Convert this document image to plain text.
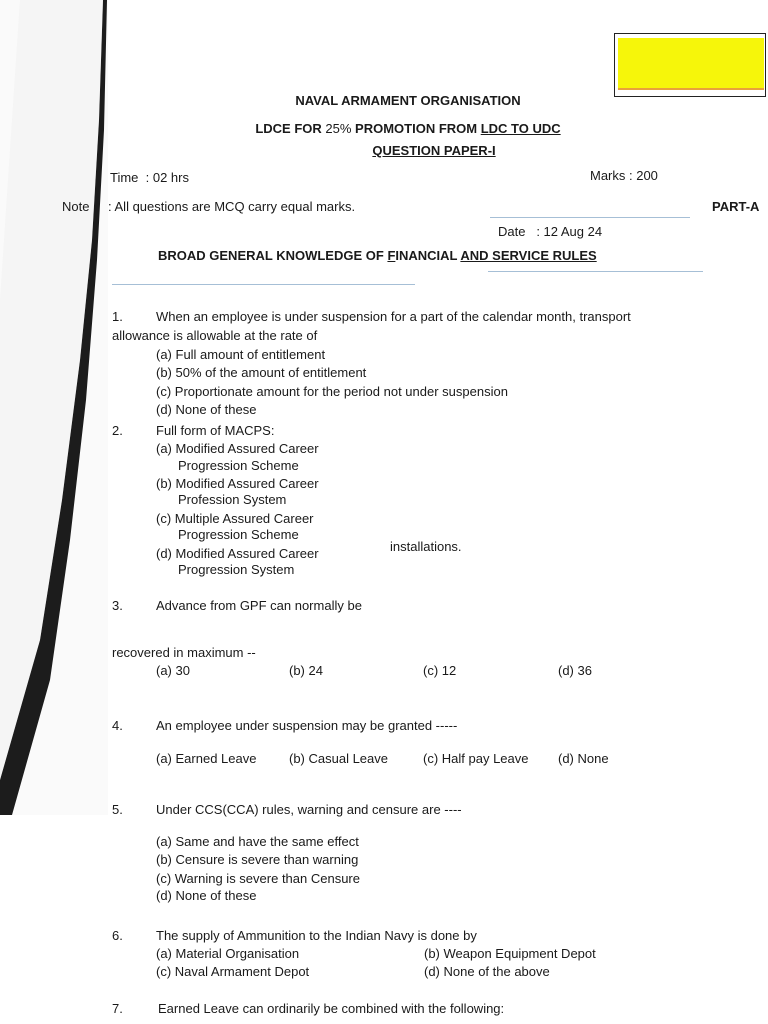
NAVAL ARMAMENT ORGANISATION
LDCE FOR 25% PROMOTION FROM LDC TO UDC
QUESTION PAPER-I
Time : 02 hrs	Marks : 200
Note : All questions are MCQ carry equal marks.	PART-A
Date : 12 Aug 24
BROAD GENERAL KNOWLEDGE OF FINANCIAL AND SERVICE RULES
1.	When an employee is under suspension for a part of the calendar month, transport
allowance is allowable at the rate of
(a) Full amount of entitlement
(b) 50% of the amount of entitlement
(c) Proportionate amount for the period not under suspension
(d) None of these
2.	Full form of MACPS:
(a) Modified Assured Career
Progression Scheme
(b) Modified Assured Career
Profession System
(c) Multiple Assured Career
Progression Scheme
(d) Modified Assured Career
Progression System
installations.
3.	Advance from GPF can normally be
recovered in maximum --
(a) 30	(b) 24	(c) 12	(d) 36
4.	An employee under suspension may be granted -----
(a) Earned Leave	(b) Casual Leave	(c) Half pay Leave (d) None
5.	Under CCS(CCA) rules, warning and censure are ----
(a) Same and have the same effect
(b) Censure is severe than warning
(c) Warning is severe than Censure
(d) None of these
6.	The supply of Ammunition to the Indian Navy is done by
(a) Material Organisation	(b) Weapon Equipment Depot
(c) Naval Armament Depot	(d) None of the above
7.	Earned Leave can ordinarily be combined with the following:
